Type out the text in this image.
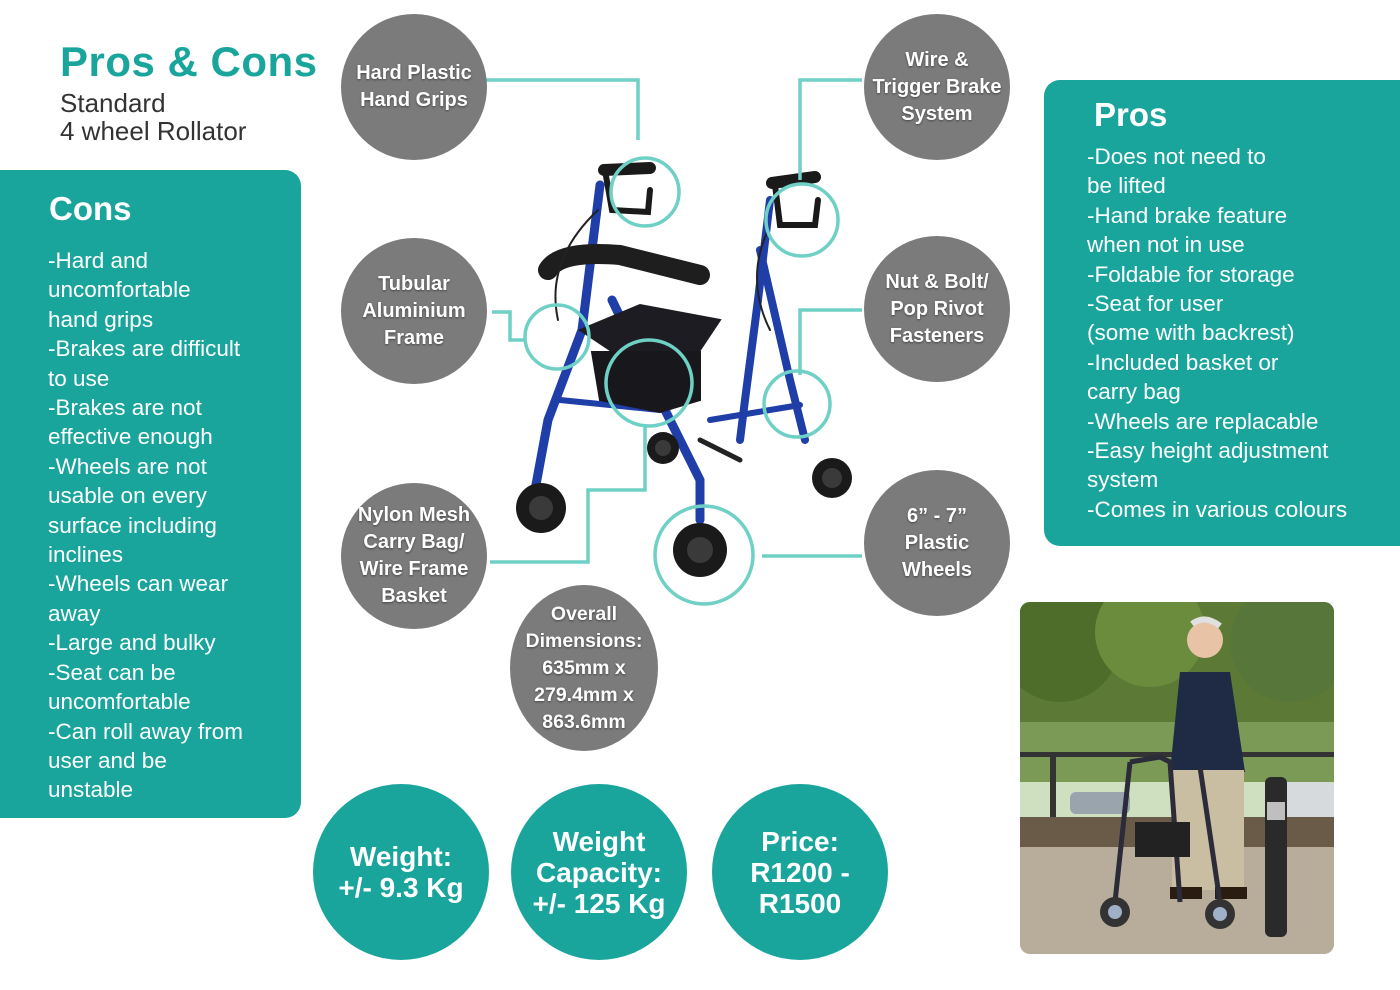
Pros & Cons
Standard
4 wheel Rollator
Cons
-Hard and
uncomfortable
hand grips
-Brakes are difficult
to use
-Brakes are not
effective enough
-Wheels are not
usable on every
surface including
inclines
-Wheels can wear
away
-Large and bulky
-Seat can be
uncomfortable
-Can roll away from
user and be
unstable
Pros
-Does not need to
be lifted
-Hand brake feature
when not in use
-Foldable for storage
-Seat for user
(some with backrest)
-Included basket or
carry bag
-Wheels are replacable
-Easy height adjustment
system
-Comes in various colours
Hard Plastic
Hand Grips
Wire &
Trigger Brake
System
Tubular
Aluminium
Frame
Nut & Bolt/
Pop Rivot
Fasteners
Nylon Mesh
Carry Bag/
Wire Frame
Basket
6” - 7”
Plastic
Wheels
Overall
Dimensions:
635mm x
279.4mm x
863.6mm
Weight:
+/- 9.3 Kg
Weight
Capacity:
+/- 125 Kg
Price:
R1200 -
R1500
